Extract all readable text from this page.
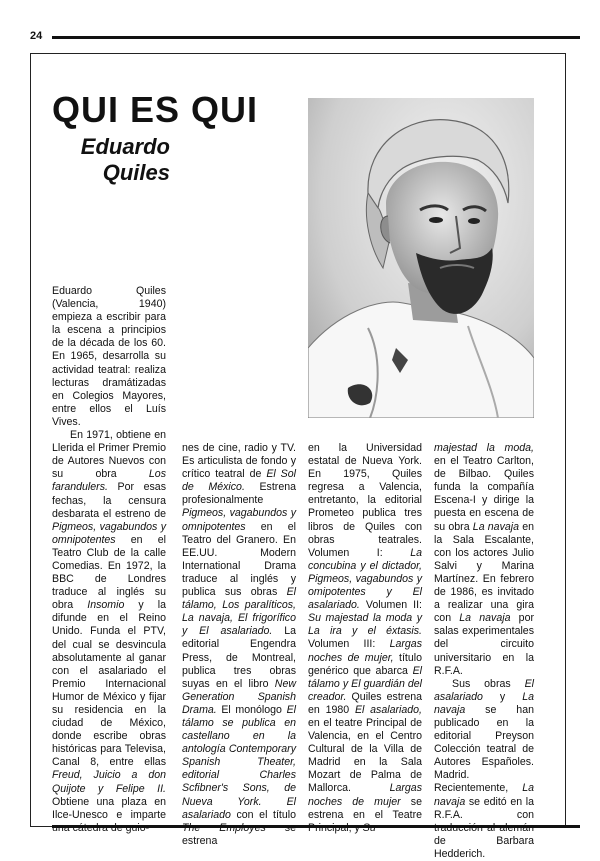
24
QUI ES QUI
Eduardo
Quiles

Eduardo Quiles (Valencia, 1940) empieza a escribir para la escena a principios de la década de los 60. En 1965, desarrolla su actividad teatral: realiza lecturas dramátizadas en Colegios Mayores, entre ellos el Luís Vives.

En 1971, obtiene en Llerida el Primer Premio de Autores Nuevos con su obra Los farandulers. Por esas fechas, la censura desbarata el estreno de Pigmeos, vagabundos y omnipotentes en el Teatro Club de la calle Comedias. En 1972, la BBC de Londres traduce al inglés su obra Insomio y la difunde en el Reino Unido. Funda el PTV, del cual se desvincula absolutamente al ganar con el asalariado el Premio Internacional Humor de México y fijar su residencia en la ciudad de México, donde escribe obras históricas para Televisa, Canal 8, entre ellas Freud, Juicio a don Quijote y Felipe II. Obtiene una plaza en Ilce-Unesco e imparte una cátedra de guio-

nes de cine, radio y TV. Es articulista de fondo y crítico teatral de El Sol de México. Estrena profesionalmente Pigmeos, vagabundos y omnipotentes en el Teatro del Granero. En EE.UU. Modern International Drama traduce al inglés y publica sus obras El tálamo, Los paralíticos, La navaja, El frigorífico y El asalariado. La editorial Engendra Press, de Montreal, publica tres obras suyas en el libro New Generation Spanish Drama. El monólogo El tálamo se publica en castellano en la antología Contemporary Spanish Theater, editorial Charles Scfibner's Sons, de Nueva York. El asalariado con el título The Employes se estrena

en la Universidad estatal de Nueva York. En 1975, Quiles regresa a Valencia, entretanto, la editorial Prometeo publica tres libros de Quiles con obras teatrales. Volumen I: La concubina y el dictador, Pigmeos, vagabundos y omipotentes y El asalariado. Volumen II: Su majestad la moda y La ira y el éxtasis. Volumen III: Largas noches de mujer, título genérico que abarca El tálamo y El guardián del creador. Quiles estrena en 1980 El asalariado, en el teatre Principal de Valencia, en el Centro Cultural de la Villa de Madrid en la Sala Mozart de Palma de Mallorca. Largas noches de mujer se estrena en el Teatre Principal; y Su

majestad la moda, en el Teatro Carlton, de Bilbao. Quiles funda la compañía Escena-I y dirige la puesta en escena de su obra La navaja en la Sala Escalante, con los actores Julio Salvi y Marina Martínez. En febrero de 1986, es invitado a realizar una gira con La navaja por salas experimentales del circuito universitario en la R.F.A.

Sus obras El asalariado y La navaja se han publicado en la editorial Preyson Colección teatral de Autores Españoles. Madrid. Recientemente, La navaja se editó en la R.F.A. con traducción al alemán de Barbara Hedderich.
